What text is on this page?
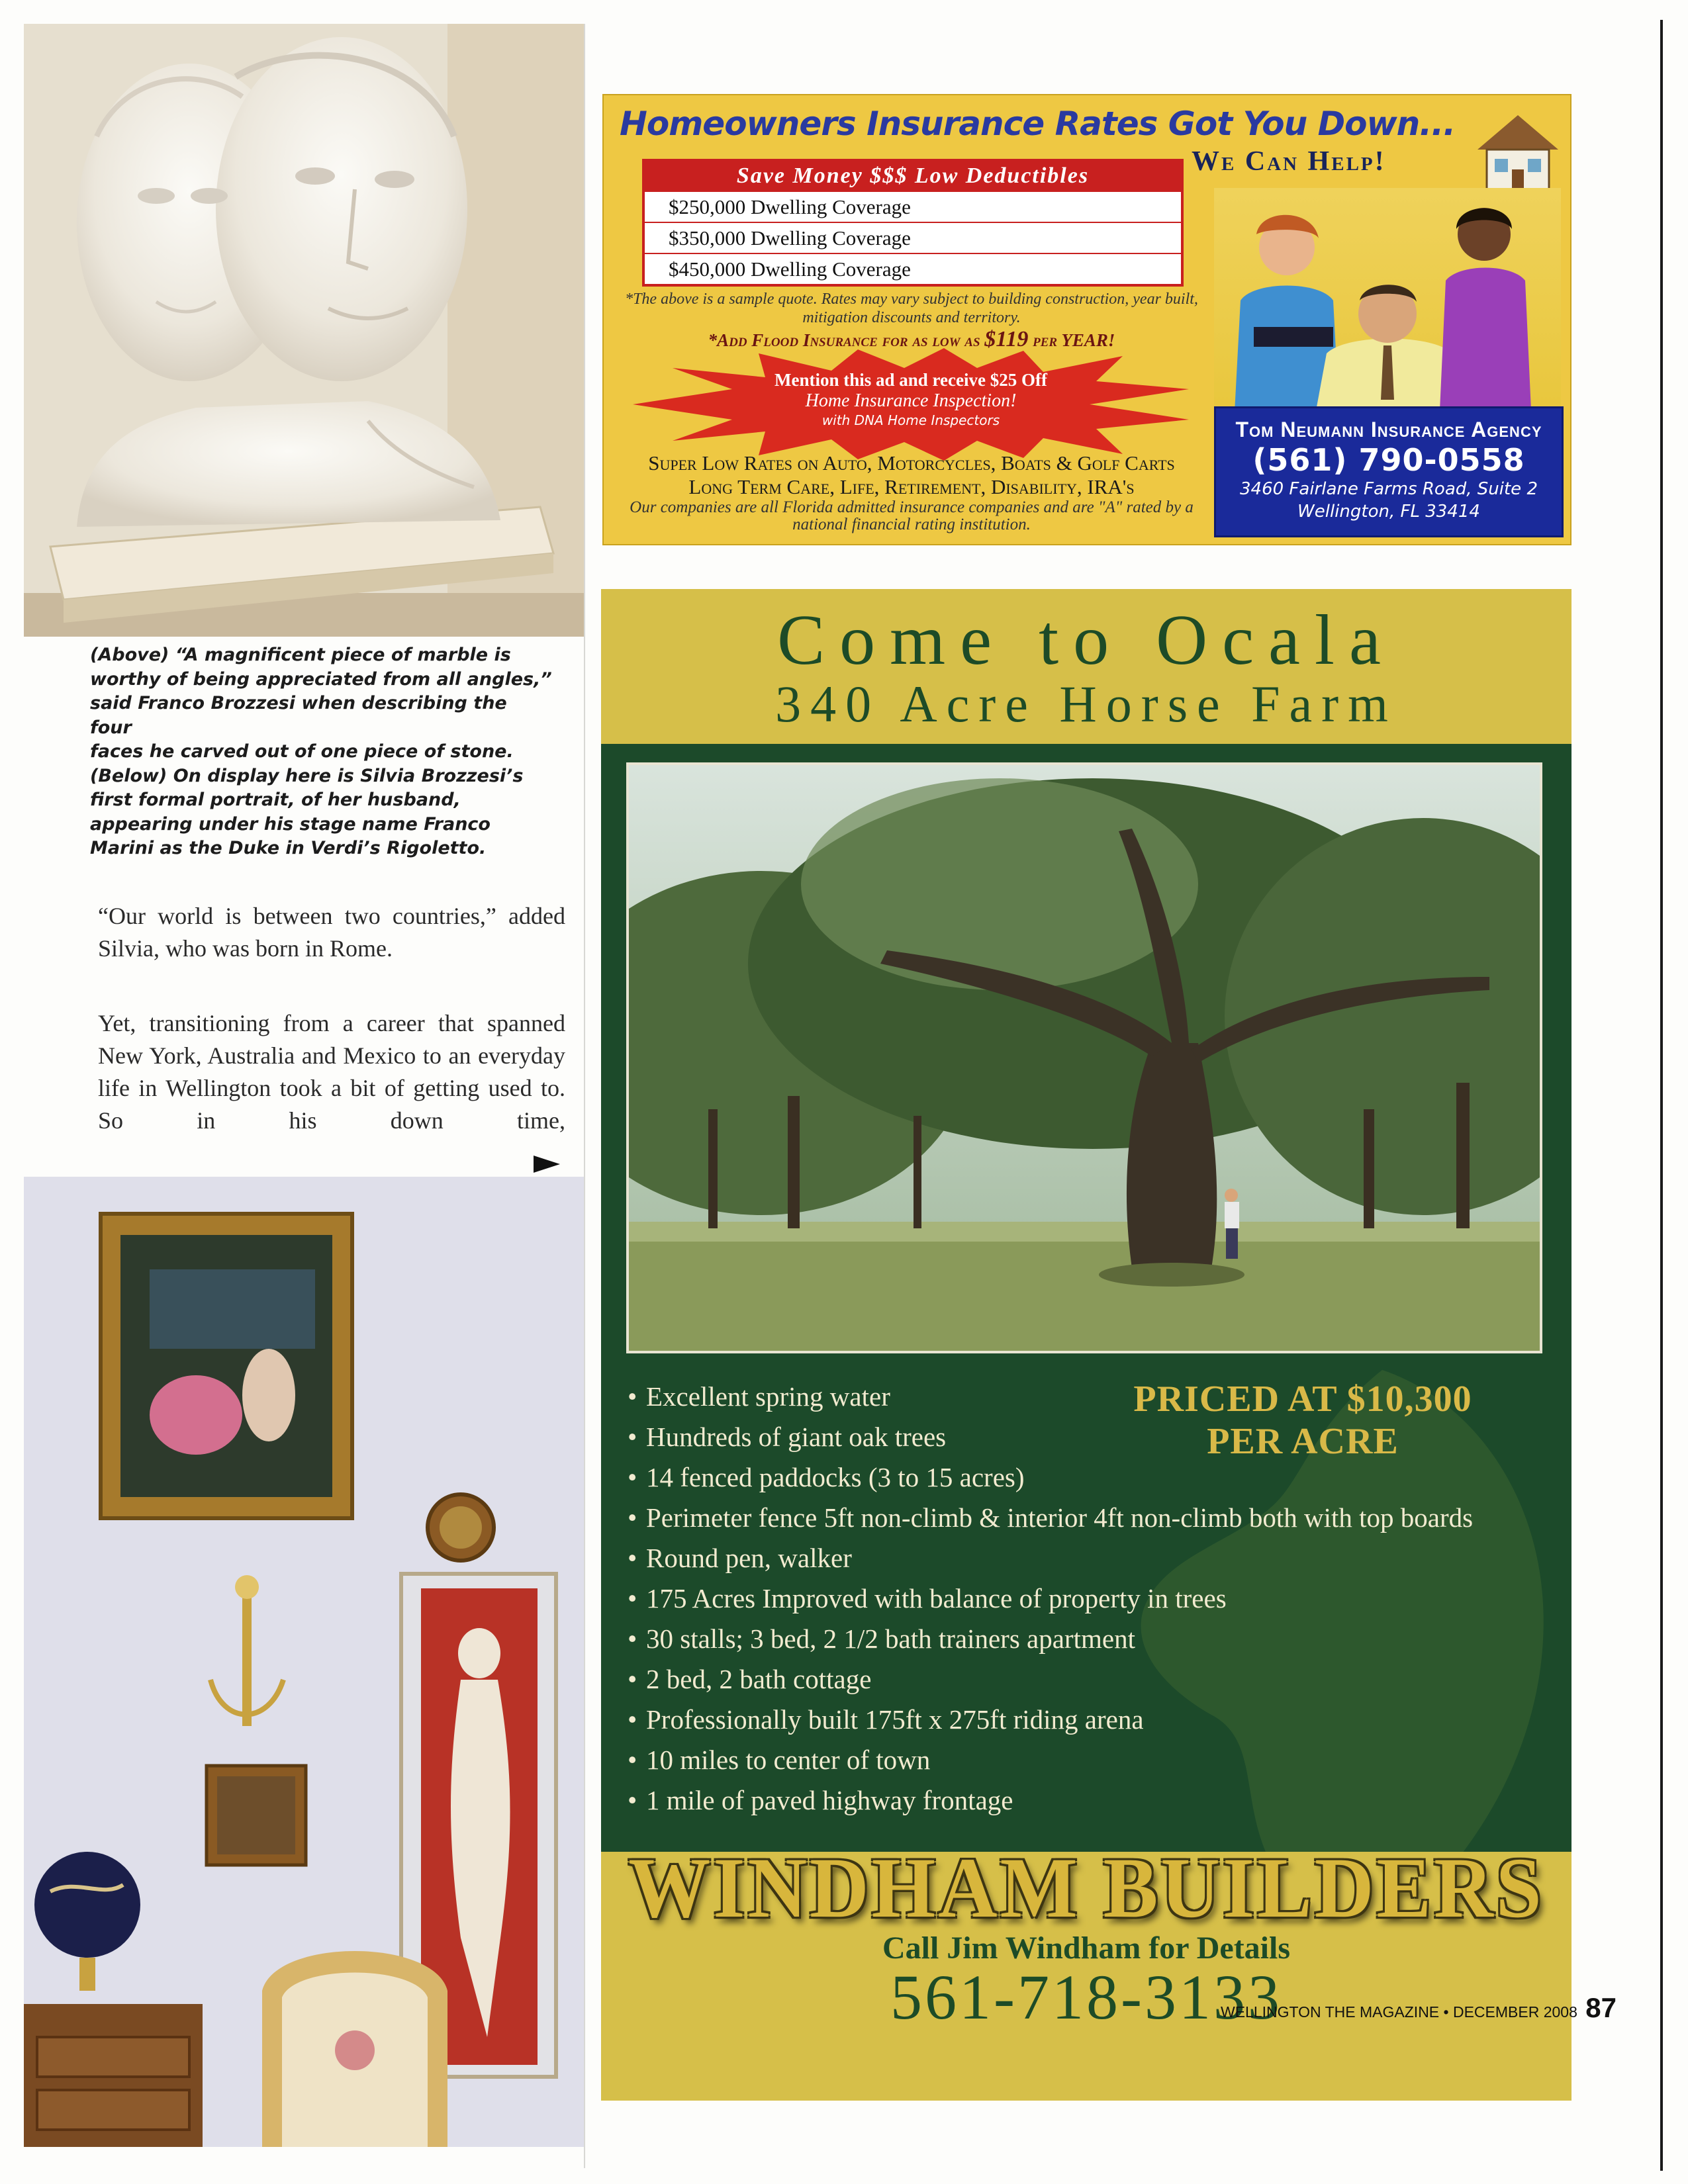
(Above) “A magnificent piece of marble is

worthy of being appreciated from all angles,”

said Franco Brozzesi when describing the four

faces he carved out of one piece of stone.

(Below) On display here is Silvia Brozzesi’s

first formal portrait, of her husband,

appearing under his stage name Franco

Marini as the Duke in Verdi’s Rigoletto.

“Our world is between two countries,” added Silvia, who was born in Rome.

Yet, transitioning from a career that spanned New York, Australia and Mexico to an everyday life in Wellington took a bit of getting used to. So in his down time,

Homeowners Insurance Rates Got You Down...
We Can Help!
Save Money $$$ Low Deductibles
$250,000 Dwelling Coverage
$350,000 Dwelling Coverage
$450,000 Dwelling Coverage
*The above is a sample quote. Rates may vary subject to building construction, year built, mitigation discounts and territory.
*Add Flood Insurance for as low as $119 per YEAR!
Mention this ad and receive $25 Off
Home Insurance Inspection!
with DNA Home Inspectors
Super Low Rates on Auto, Motorcycles, Boats & Golf Carts
Long Term Care, Life, Retirement, Disability, IRA's
Our companies are all Florida admitted insurance companies and are "A" rated by a national financial rating institution.
Tom Neumann Insurance Agency
(561) 790-0558
3460 Fairlane Farms Road, Suite 2
Wellington, FL 33414
Come to Ocala
340 Acre Horse Farm
• Excellent spring water
• Hundreds of giant oak trees
• 14 fenced paddocks (3 to 15 acres)
• Perimeter fence 5ft non-climb & interior 4ft non-climb both with top boards
• Round pen, walker
• 175 Acres Improved with balance of property in trees
• 30 stalls; 3 bed, 2 1/2 bath trainers apartment
• 2 bed, 2 bath cottage
• Professionally built 175ft x 275ft riding arena
• 10 miles to center of town
• 1 mile of paved highway frontage
PRICED AT $10,300
PER ACRE
WINDHAM BUILDERS
Call Jim Windham for Details
561-718-3133
WELLINGTON THE MAGAZINE • DECEMBER 2008 87
